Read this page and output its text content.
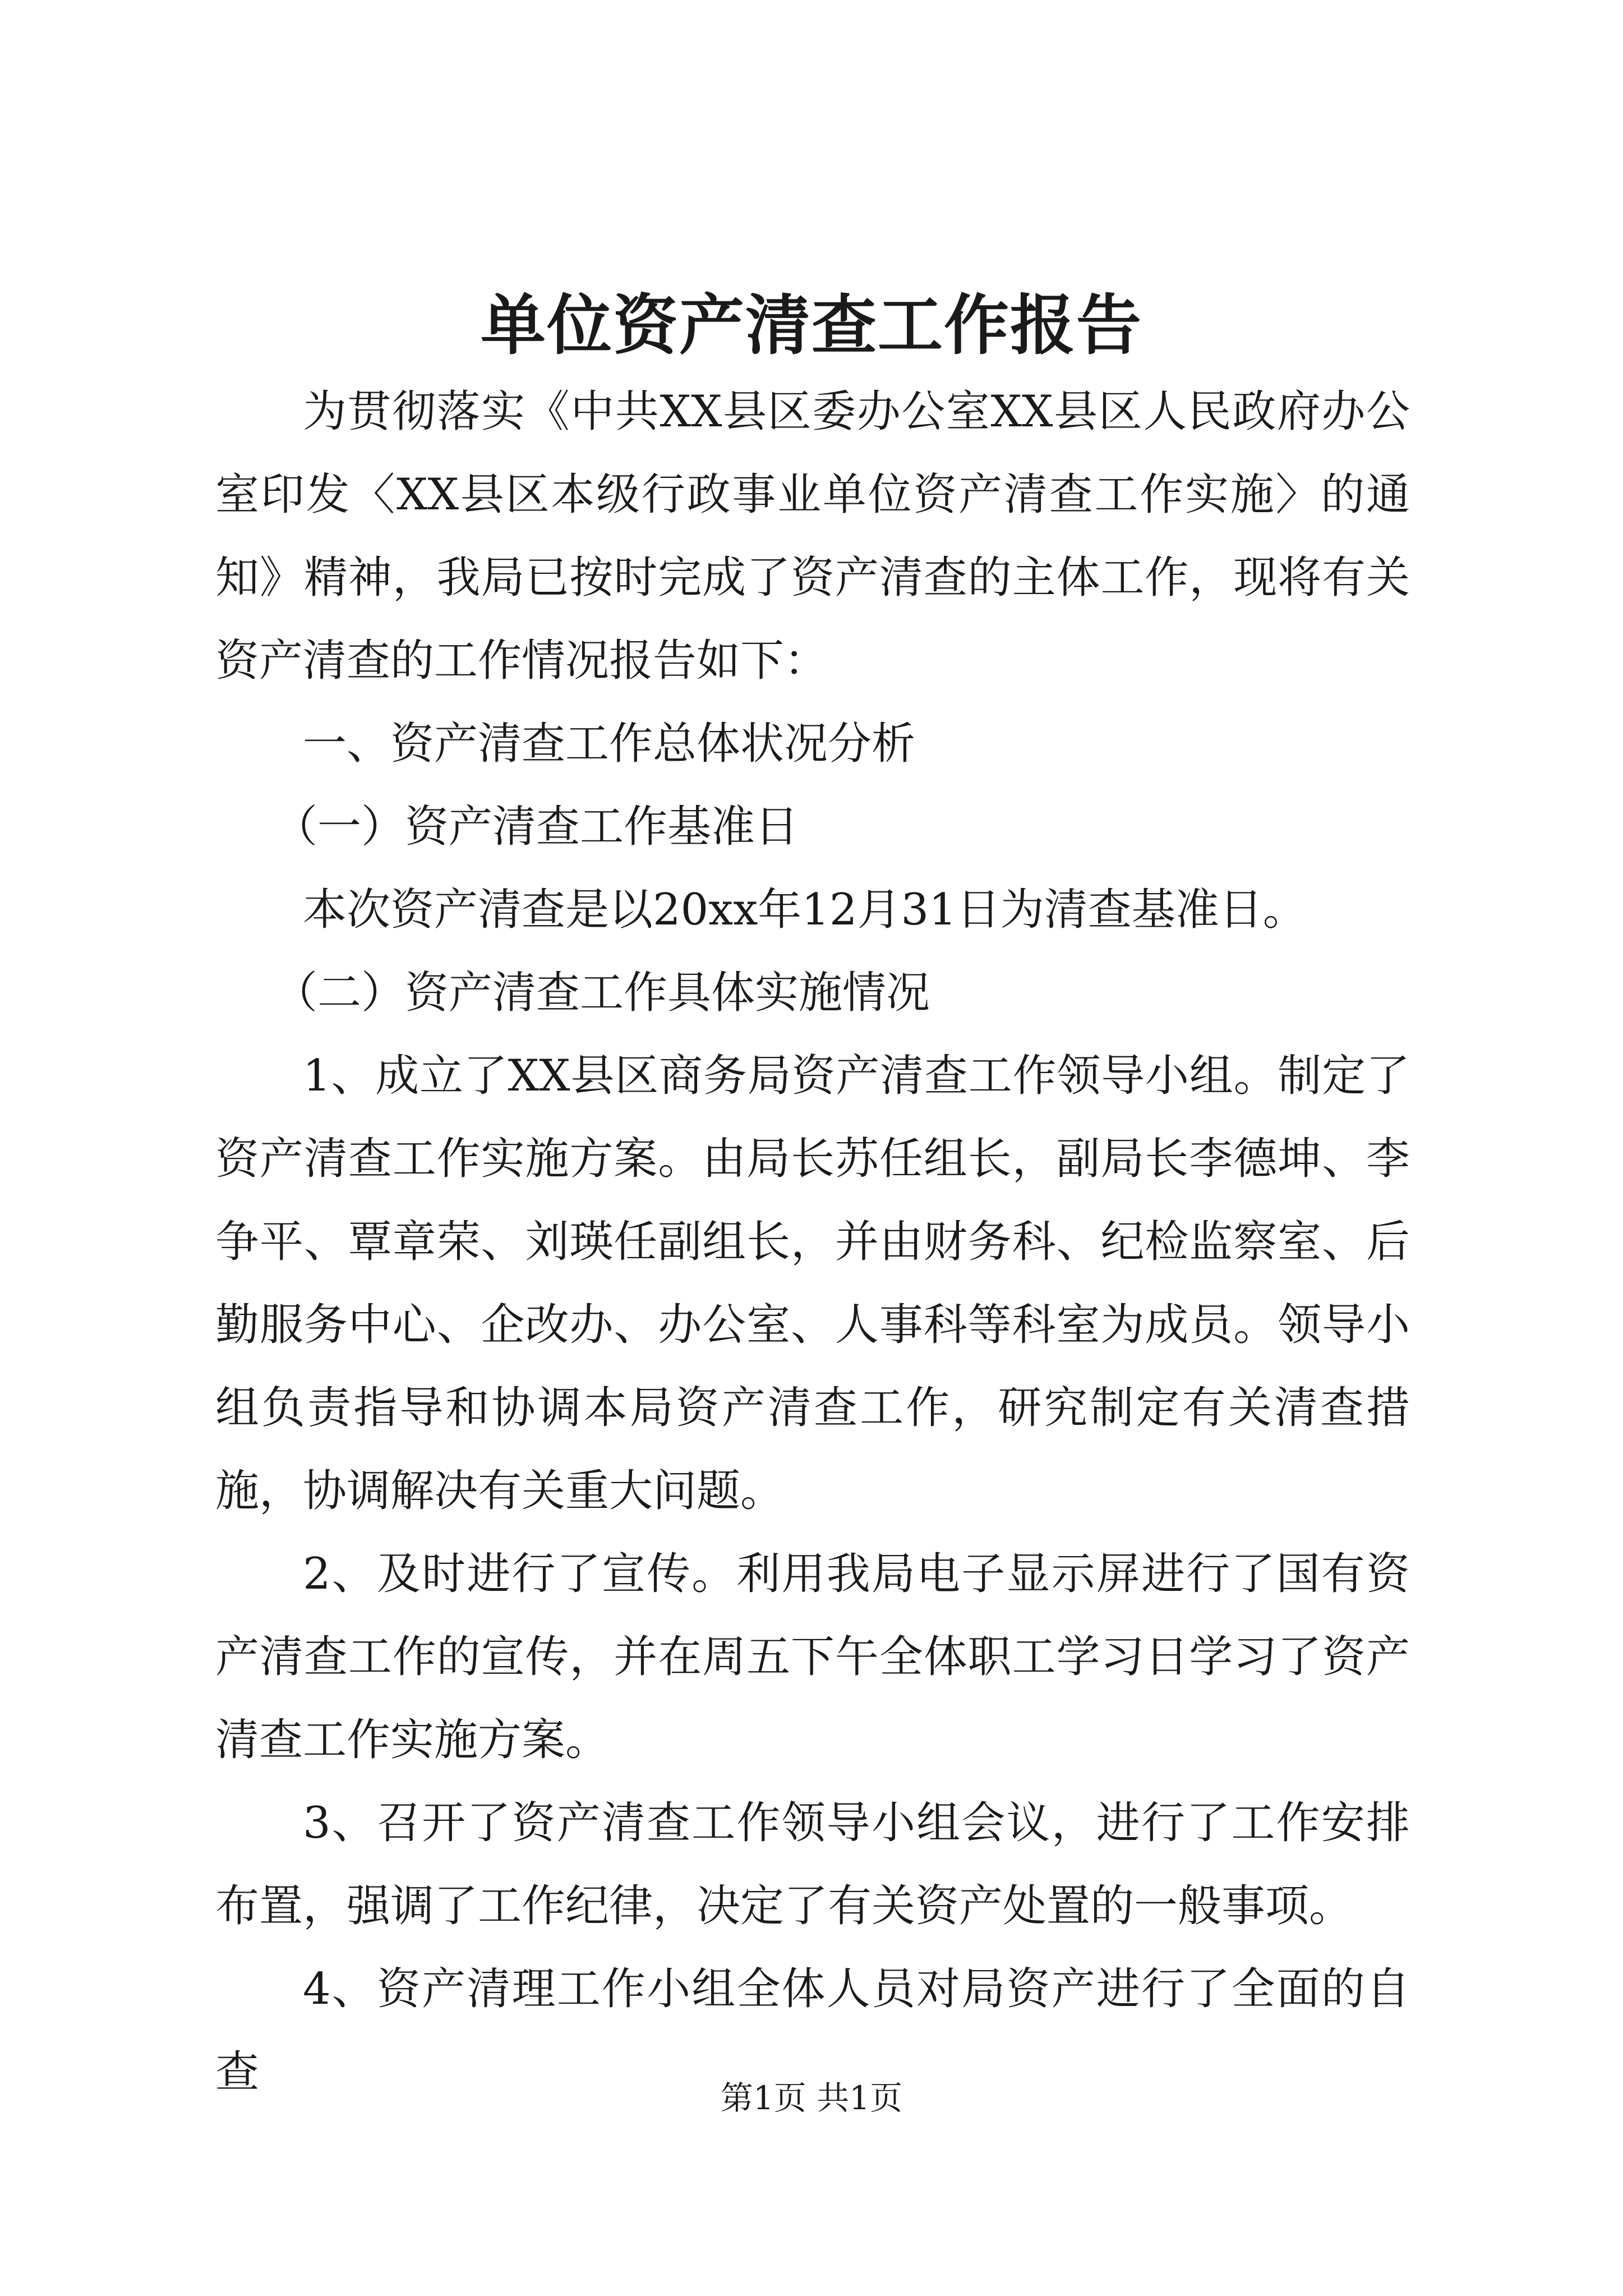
单位资产清查工作报告

为贯彻落实《中共XX县区委办公室XX县区人民政府办公室印发〈XX县区本级行政事业单位资产清查工作实施〉的通知》精神，我局已按时完成了资产清查的主体工作，现将有关资产清查的工作情况报告如下：

一、资产清查工作总体状况分析

（一）资产清查工作基准日

本次资产清查是以20xx年12月31日为清查基准日。

（二）资产清查工作具体实施情况

1、成立了XX县区商务局资产清查工作领导小组。制定了资产清查工作实施方案。由局长苏任组长，副局长李德坤、李争平、覃章荣、刘瑛任副组长，并由财务科、纪检监察室、后勤服务中心、企改办、办公室、人事科等科室为成员。领导小组负责指导和协调本局资产清查工作，研究制定有关清查措施，协调解决有关重大问题。

2、及时进行了宣传。利用我局电子显示屏进行了国有资产清查工作的宣传，并在周五下午全体职工学习日学习了资产清查工作实施方案。

3、召开了资产清查工作领导小组会议，进行了工作安排布置，强调了工作纪律，决定了有关资产处置的一般事项。

4、资产清理工作小组全体人员对局资产进行了全面的自查

第1页 共1页
